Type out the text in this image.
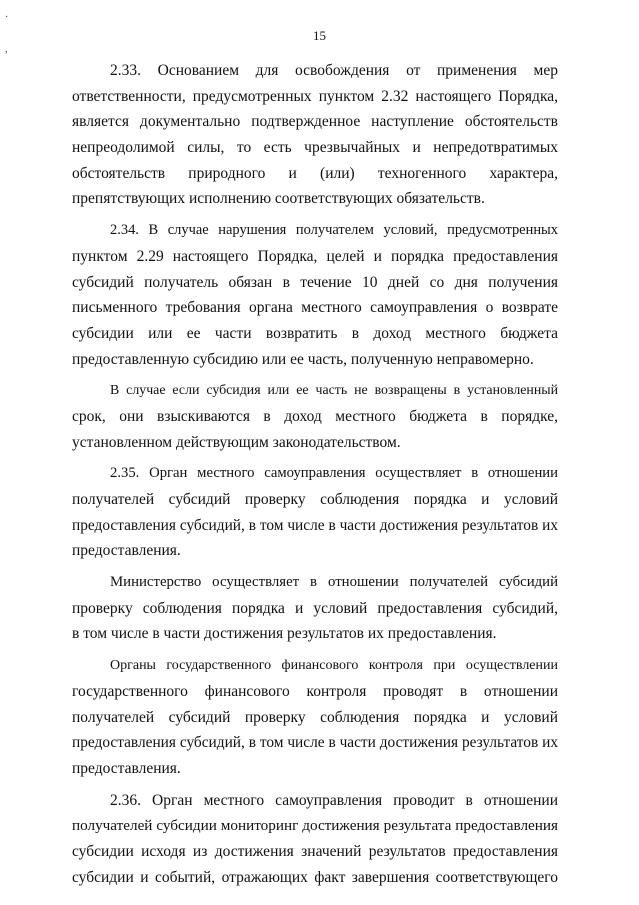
·
,
15

2.33. Основанием для освобождения от применения мер
ответственности, предусмотренных пунктом 2.32 настоящего Порядка,
является документально подтвержденное наступление обстоятельств
непреодолимой силы, то есть чрезвычайных и непредотвратимых
обстоятельств природного и (или) техногенного характера,
препятствующих исполнению соответствующих обязательств.

2.34. В случае нарушения получателем условий, предусмотренных
пунктом 2.29 настоящего Порядка, целей и порядка предоставления
субсидий получатель обязан в течение 10 дней со дня получения
письменного требования органа местного самоуправления о возврате
субсидии или ее части возвратить в доход местного бюджета
предоставленную субсидию или ее часть, полученную неправомерно.

В случае если субсидия или ее часть не возвращены в установленный
срок, они взыскиваются в доход местного бюджета в порядке,
установленном действующим законодательством.

2.35. Орган местного самоуправления осуществляет в отношении
получателей субсидий проверку соблюдения порядка и условий
предоставления субсидий, в том числе в части достижения результатов их
предоставления.

Министерство осуществляет в отношении получателей субсидий
проверку соблюдения порядка и условий предоставления субсидий,
в том числе в части достижения результатов их предоставления.

Органы государственного финансового контроля при осуществлении
государственного финансового контроля проводят в отношении
получателей субсидий проверку соблюдения порядка и условий
предоставления субсидий, в том числе в части достижения результатов их
предоставления.

2.36. Орган местного самоуправления проводит в отношении
получателей субсидии мониторинг достижения результата предоставления
субсидии исходя из достижения значений результатов предоставления
субсидии и событий, отражающих факт завершения соответствующего
